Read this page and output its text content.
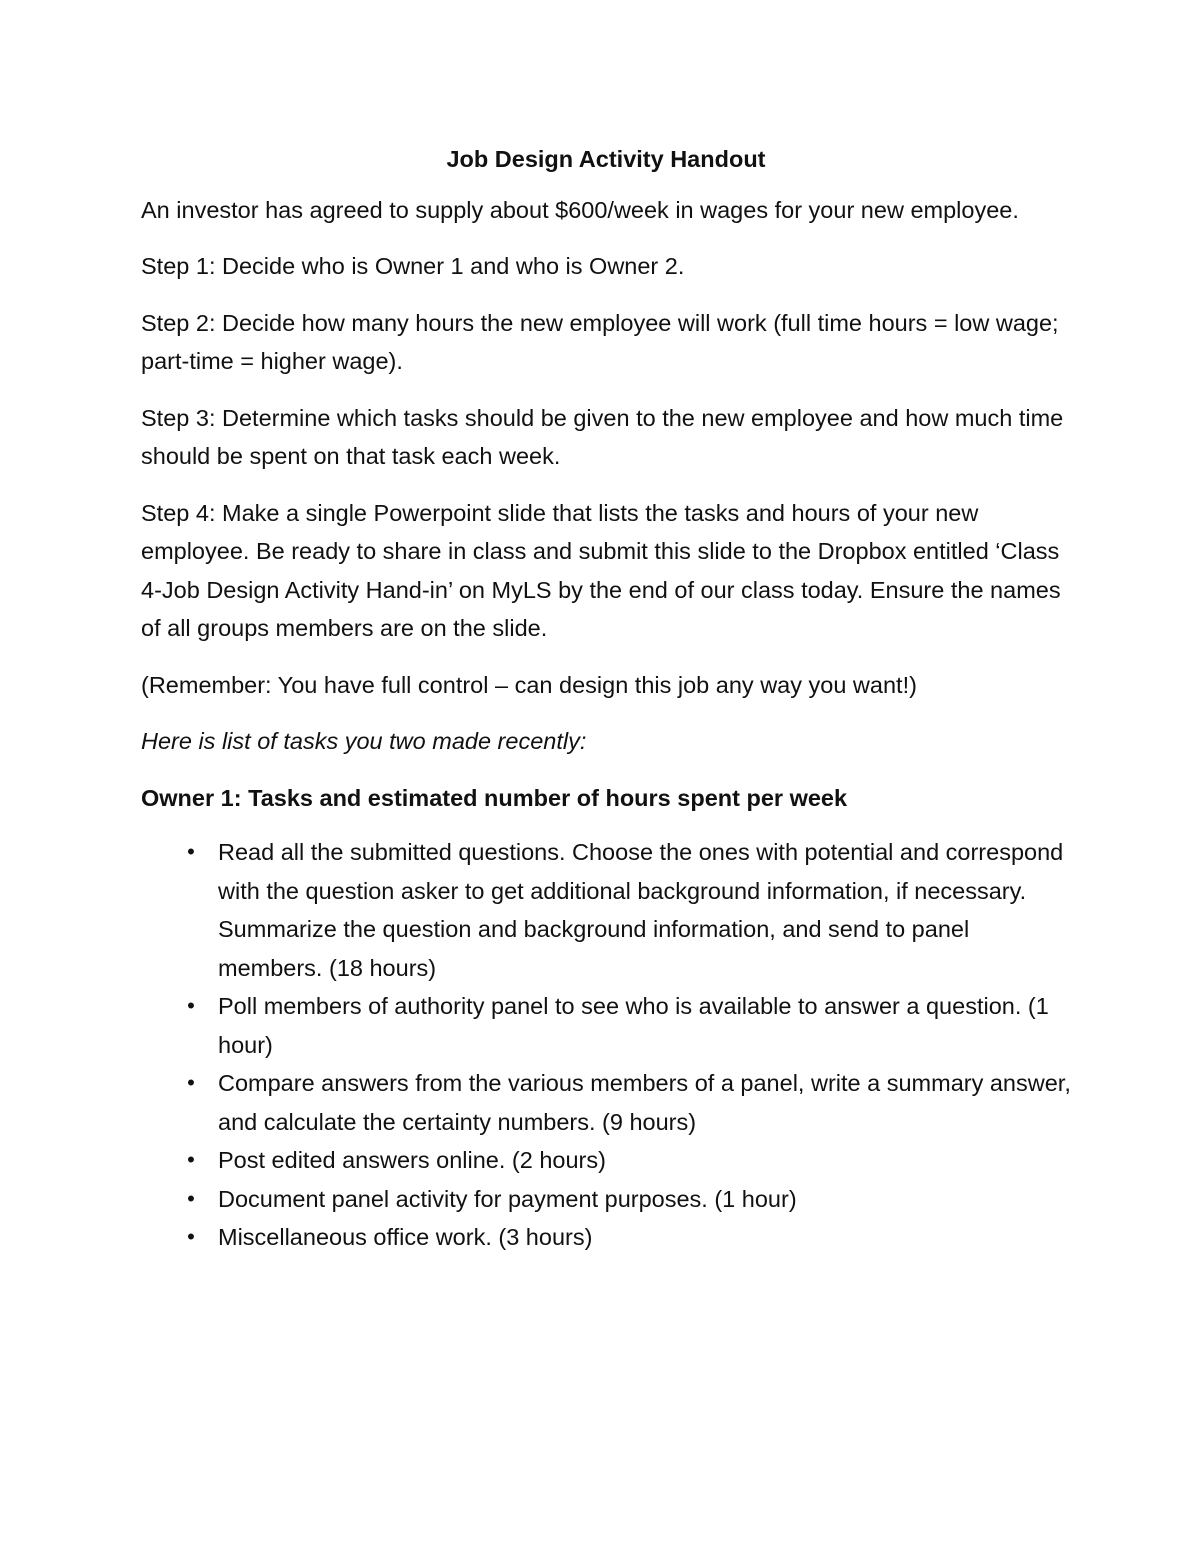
Job Design Activity Handout

An investor has agreed to supply about $600/week in wages for your new employee.

Step 1: Decide who is Owner 1 and who is Owner 2.

Step 2: Decide how many hours the new employee will work (full time hours = low wage; part-time = higher wage).

Step 3: Determine which tasks should be given to the new employee and how much time should be spent on that task each week.

Step 4: Make a single Powerpoint slide that lists the tasks and hours of your new employee. Be ready to share in class and submit this slide to the Dropbox entitled ‘Class 4-Job Design Activity Hand-in’ on MyLS by the end of our class today. Ensure the names of all groups members are on the slide.

(Remember: You have full control – can design this job any way you want!)

Here is list of tasks you two made recently:

Owner 1: Tasks and estimated number of hours spent per week

• Read all the submitted questions. Choose the ones with potential and correspond with the question asker to get additional background information, if necessary. Summarize the question and background information, and send to panel members. (18 hours)
• Poll members of authority panel to see who is available to answer a question. (1 hour)
• Compare answers from the various members of a panel, write a summary answer, and calculate the certainty numbers. (9 hours)
• Post edited answers online. (2 hours)
• Document panel activity for payment purposes. (1 hour)
• Miscellaneous office work. (3 hours)
